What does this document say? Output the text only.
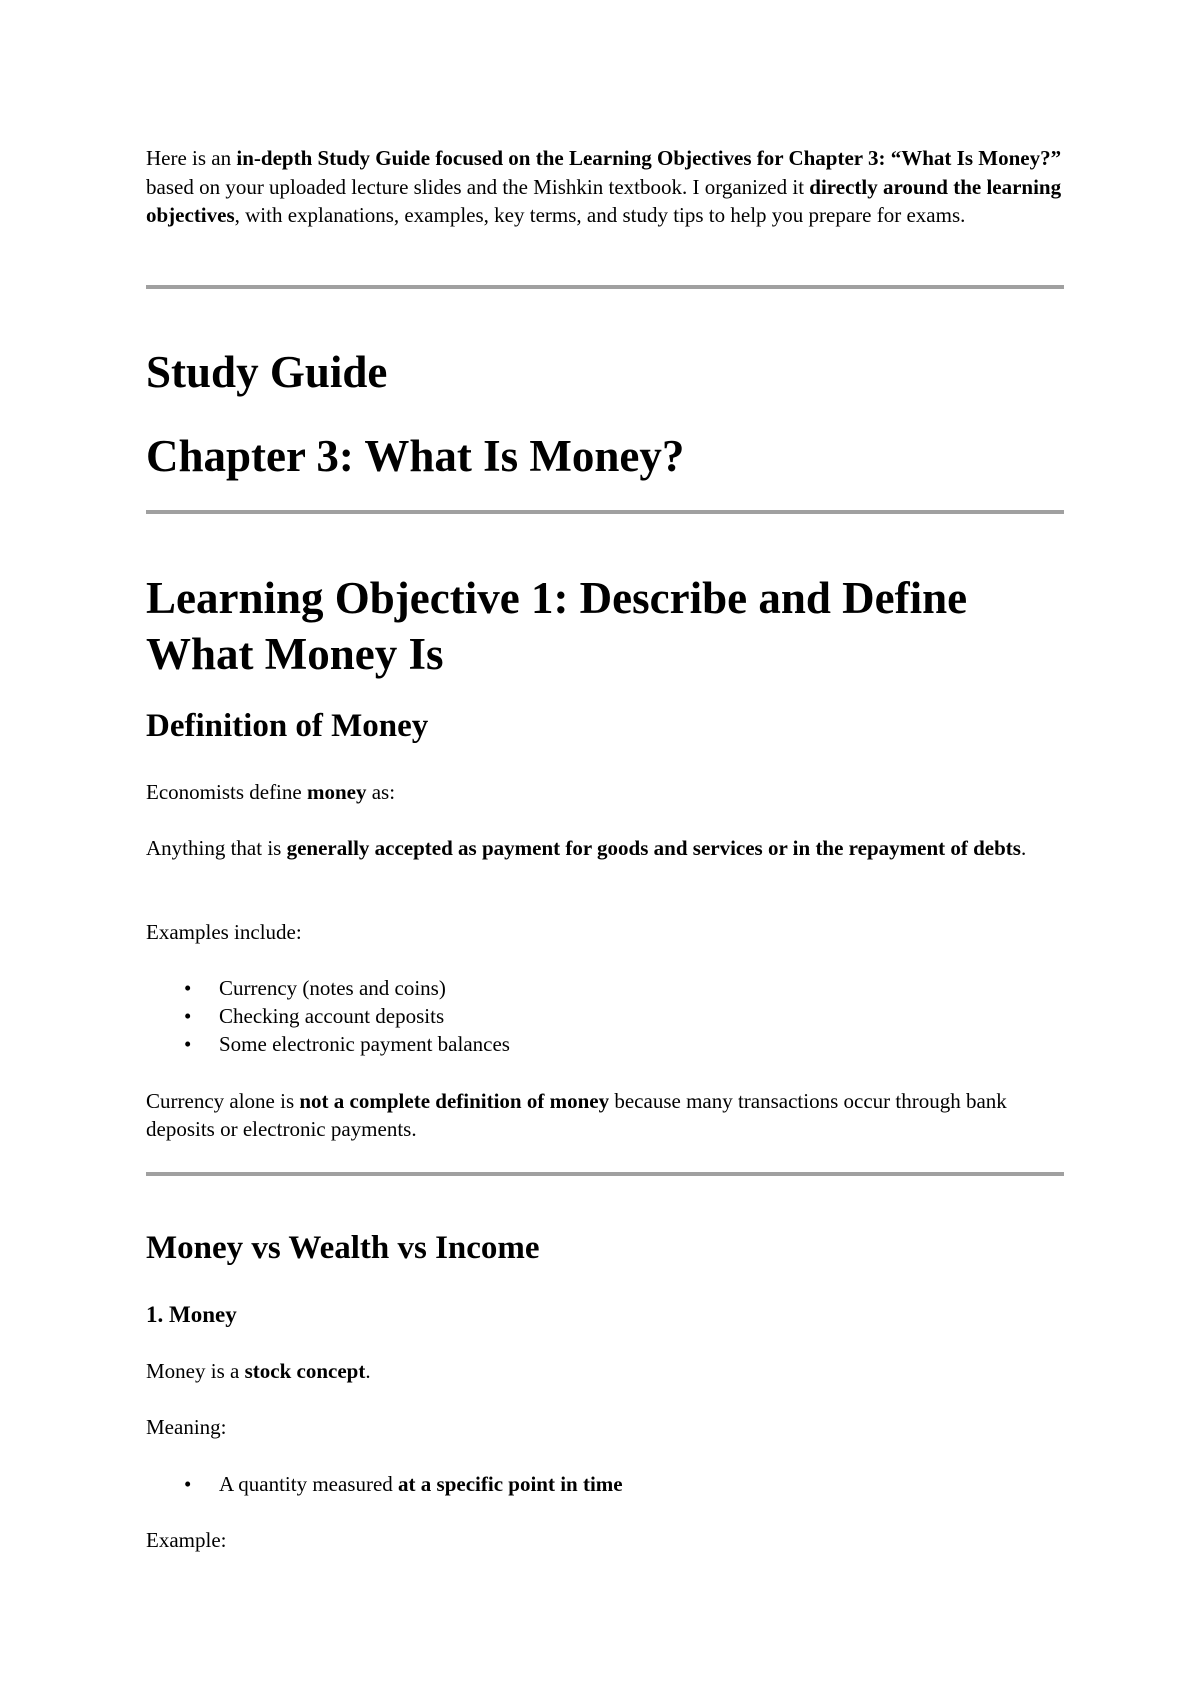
Here is an in-depth Study Guide focused on the Learning Objectives for Chapter 3: “What Is Money?” based on your uploaded lecture slides and the Mishkin textbook. I organized it directly around the learning objectives, with explanations, examples, key terms, and study tips to help you prepare for exams.

Study Guide
Chapter 3: What Is Money?
Learning Objective 1: Describe and Define What Money Is
Definition of Money

Economists define money as:

Anything that is generally accepted as payment for goods and services or in the repayment of debts.

Examples include:

• Currency (notes and coins)
• Checking account deposits
• Some electronic payment balances

Currency alone is not a complete definition of money because many transactions occur through bank deposits or electronic payments.

Money vs Wealth vs Income
1. Money

Money is a stock concept.

Meaning:

• A quantity measured at a specific point in time

Example:
